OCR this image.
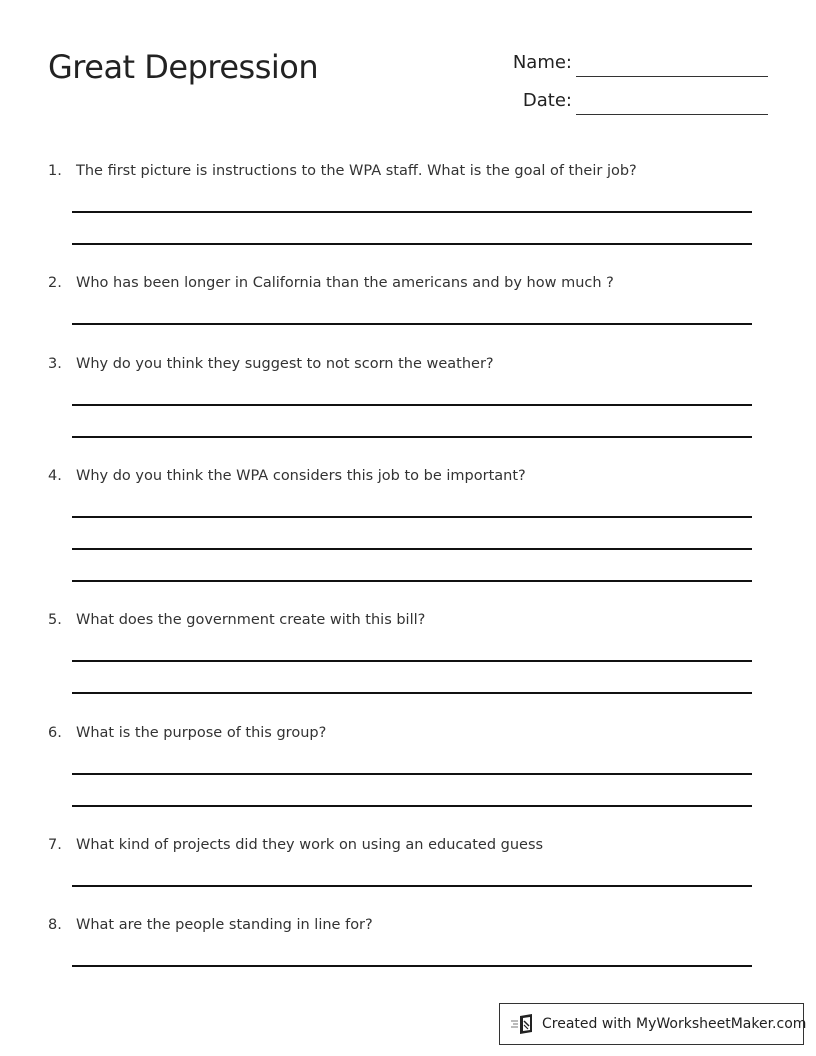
Great Depression	Name:
Date:
1. The first picture is instructions to the WPA staff. What is the goal of their job?
2. Who has been longer in California than the americans and by how much ?
3. Why do you think they suggest to not scorn the weather?
4. Why do you think the WPA considers this job to be important?
5. What does the government create with this bill?
6. What is the purpose of this group?
7. What kind of projects did they work on using an educated guess
8. What are the people standing in line for?
Created with MyWorksheetMaker.com
